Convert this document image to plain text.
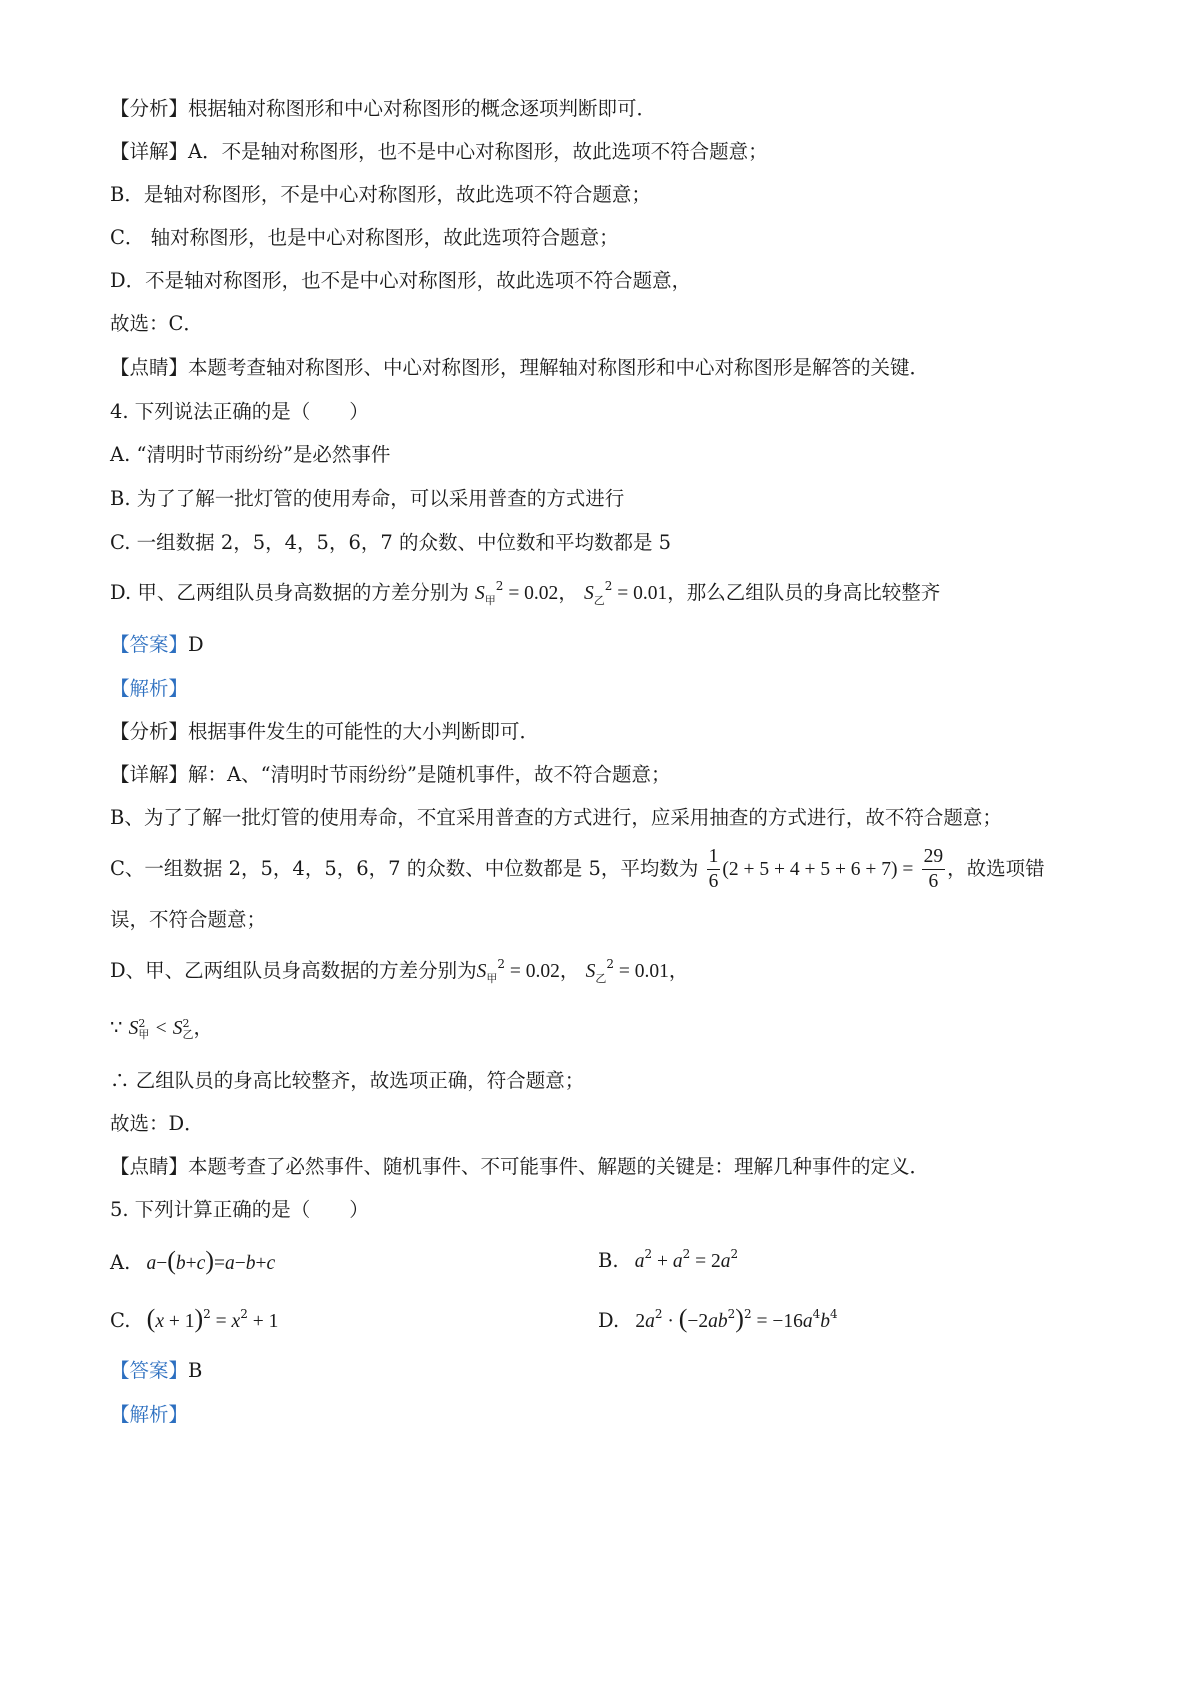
【分析】根据轴对称图形和中心对称图形的概念逐项判断即可．
【详解】A．不是轴对称图形，也不是中心对称图形，故此选项不符合题意；
B．是轴对称图形，不是中心对称图形，故此选项不符合题意；
C． 轴对称图形，也是中心对称图形，故此选项符合题意；
D．不是轴对称图形，也不是中心对称图形，故此选项不符合题意，
故选：C．
【点睛】本题考查轴对称图形、中心对称图形，理解轴对称图形和中心对称图形是解答的关键．
4. 下列说法正确的是（　　）
A. “清明时节雨纷纷”是必然事件
B. 为了了解一批灯管的使用寿命，可以采用普查的方式进行
C. 一组数据 2，5，4，5，6，7 的众数、中位数和平均数都是 5
D. 甲、乙两组队员身高数据的方差分别为 $S_甲^2 = 0.02$， $S_乙^2 = 0.01$，那么乙组队员的身高比较整齐
【答案】D
【解析】
【分析】根据事件发生的可能性的大小判断即可．
【详解】解：A、“清明时节雨纷纷”是随机事件，故不符合题意；
B、为了了解一批灯管的使用寿命，不宜采用普查的方式进行，应采用抽查的方式进行，故不符合题意；
C、一组数据 2，5，4，5，6，7 的众数、中位数都是 5，平均数为 $\frac{1}{6} (2 + 5 + 4 + 5 + 6 + 7) = \frac{29}{6}$ ，故选项错
误，不符合题意；
D、甲、乙两组队员身高数据的方差分别为$S_甲^2 = 0.02$， $S_乙^2 = 0.01$，
∵ S 2
甲 < S 2
乙 ，
∴ 乙组队员的身高比较整齐，故选项正确，符合题意；
故选：D．
【点睛】本题考查了必然事件、随机事件、不可能事件、解题的关键是：理解几种事件的定义．
5. 下列计算正确的是（　　）
A. a−(b+c)=a−b+c	B. $a^2 + a^2 = 2a^2$
C. $(x + 1)^2 = x^2 + 1$	D. $2a^2 \cdot (-2ab^2)^2 = -16a^4b^4$
【答案】B
【解析】
